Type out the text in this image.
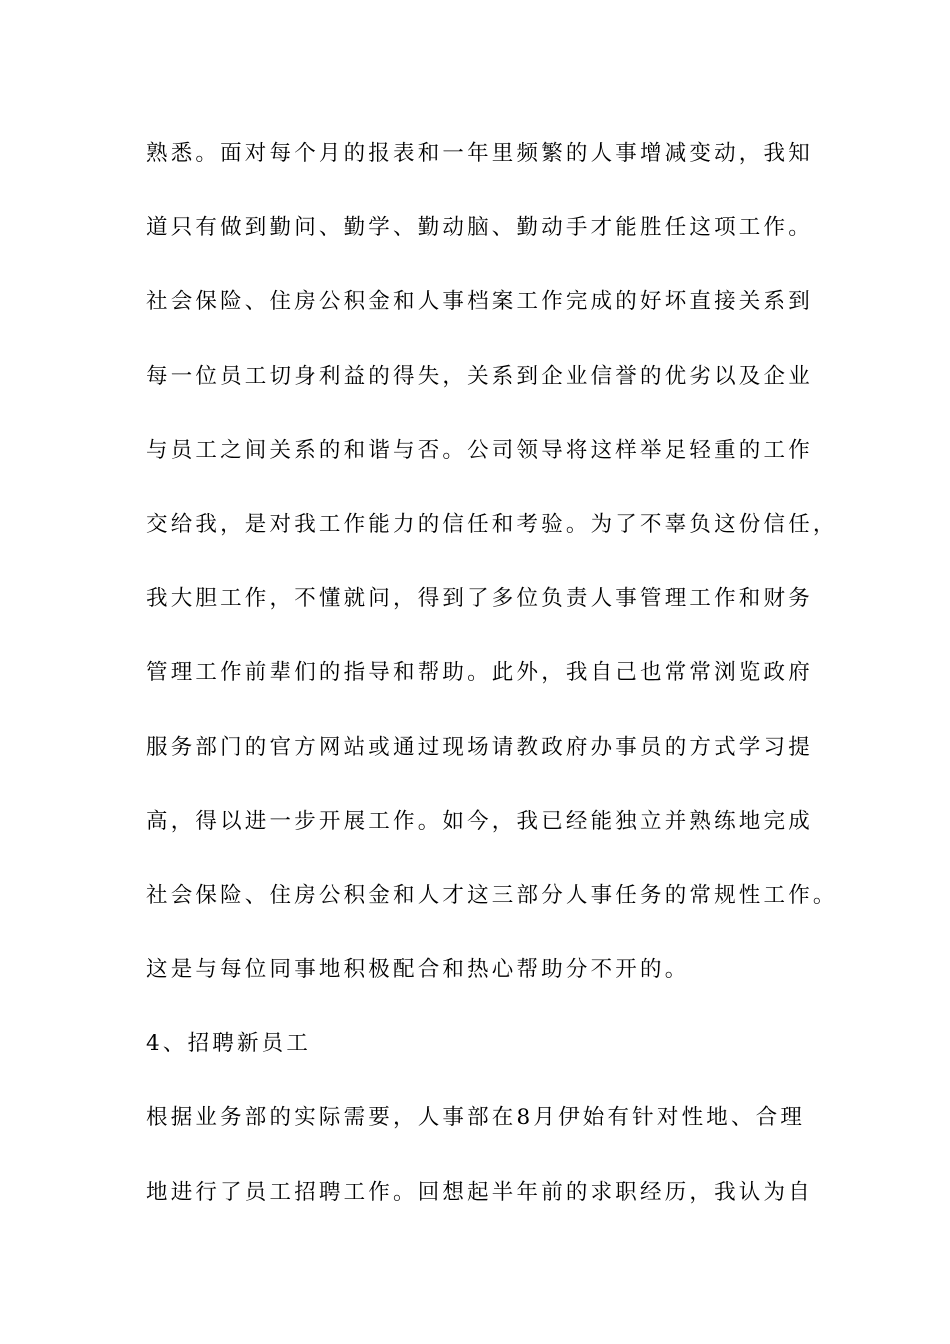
熟悉。面对每个月的报表和一年里频繁的人事增减变动，我知
道只有做到勤问、勤学、勤动脑、勤动手才能胜任这项工作。
社会保险、住房公积金和人事档案工作完成的好坏直接关系到
每一位员工切身利益的得失，关系到企业信誉的优劣以及企业
与员工之间关系的和谐与否。公司领导将这样举足轻重的工作
交给我，是对我工作能力的信任和考验。为了不辜负这份信任，
我大胆工作，不懂就问，得到了多位负责人事管理工作和财务
管理工作前辈们的指导和帮助。此外，我自己也常常浏览政府
服务部门的官方网站或通过现场请教政府办事员的方式学习提
高，得以进一步开展工作。如今，我已经能独立并熟练地完成
社会保险、住房公积金和人才这三部分人事任务的常规性工作。
这是与每位同事地积极配合和热心帮助分不开的。
4、招聘新员工
根据业务部的实际需要，人事部在8月伊始有针对性地、合理
地进行了员工招聘工作。回想起半年前的求职经历，我认为自
